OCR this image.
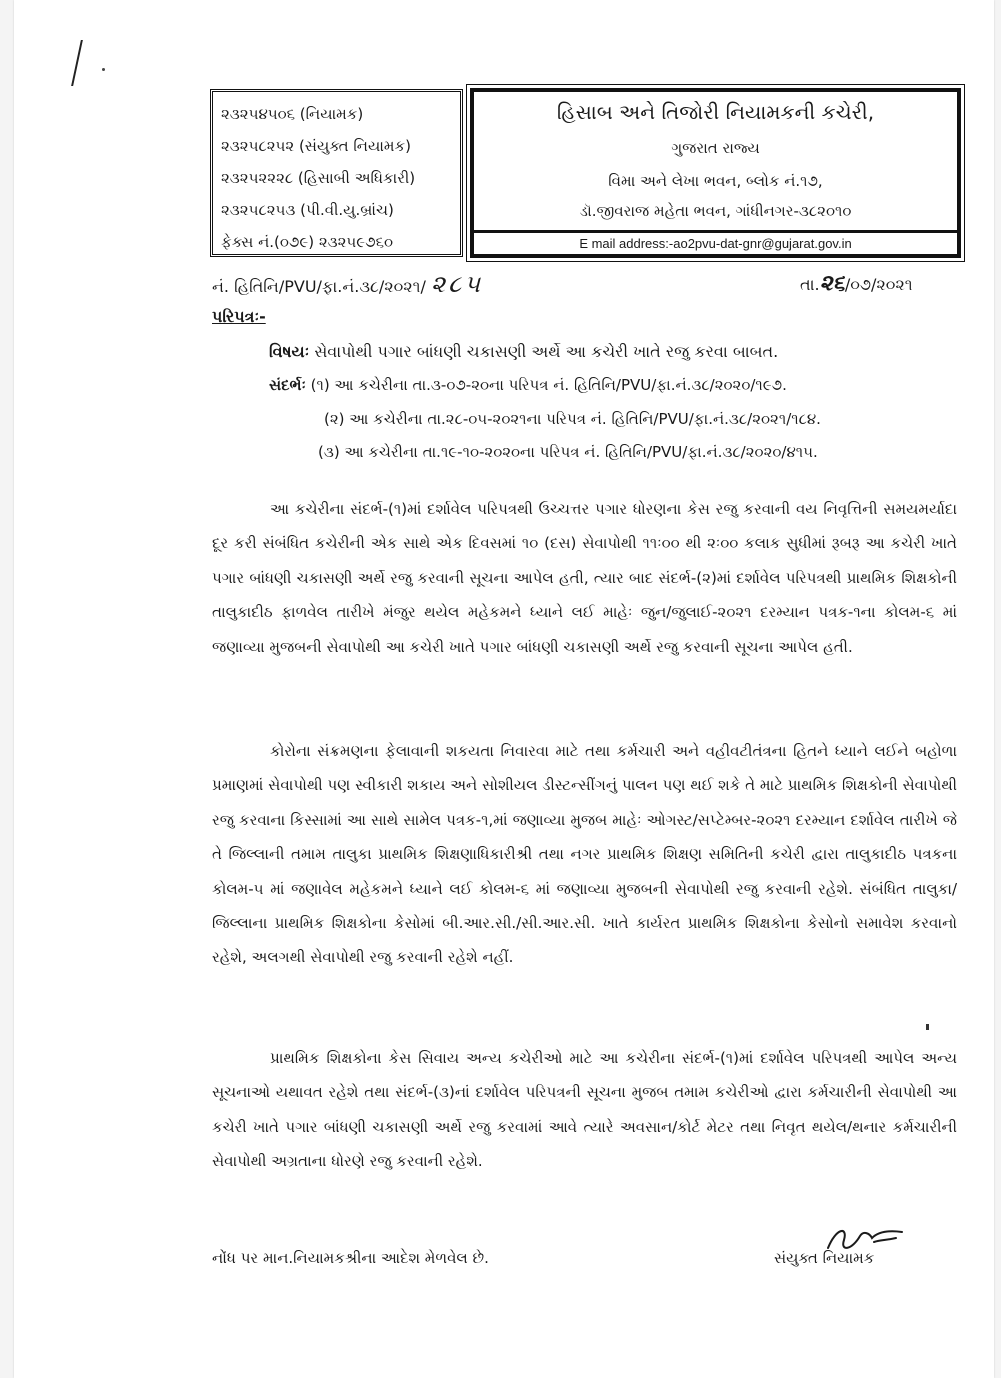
૨૩૨૫૪૫૦૬ (નિયામક)
૨૩૨૫૮૨૫૨ (સંયુક્ત નિયામક)
૨૩૨૫૨૨૨૮ (હિસાબી અધિકારી)
૨૩૨૫૮૨૫૩ (પી.વી.યુ.બ્રાંચ)
ફેક્સ નં.(૦૭૯) ૨૩૨૫૯૭૬૦
હિસાબ અને તિજોરી નિયામકની કચેરી,
ગુજરાત રાજ્ય
વિમા અને લેખા ભવન, બ્લોક નં.૧૭,
ડૉ.જીવરાજ મહેતા ભવન, ગાંધીનગર-૩૮૨૦૧૦
E mail address:-ao2pvu-dat-gnr@gujarat.gov.in
નં. હિતિનિ/PVU/ફા.નં.૩૮/૨૦૨૧/ ૨૮૫	તા.૨૬/૦૭/૨૦૨૧
પરિપત્રઃ-
વિષયઃ સેવાપોથી પગાર બાંધણી ચકાસણી અર્થે આ કચેરી ખાતે રજુ કરવા બાબત.
સંદર્ભઃ (૧) આ કચેરીના તા.૩-૦૭-૨૦ના પરિપત્ર નં. હિતિનિ/PVU/ફા.નં.૩૮/૨૦૨૦/૧૯૭.
(૨) આ કચેરીના તા.૨૮-૦૫-૨૦૨૧ના પરિપત્ર નં. હિતિનિ/PVU/ફા.નં.૩૮/૨૦૨૧/૧૮૪.
(૩) આ કચેરીના તા.૧૯-૧૦-૨૦૨૦ના પરિપત્ર નં. હિતિનિ/PVU/ફા.નં.૩૮/૨૦૨૦/૪૧૫.
આ કચેરીના સંદર્ભ-(૧)માં દર્શાવેલ પરિપત્રથી ઉચ્ચત્તર પગાર ધોરણના કેસ રજુ કરવાની વય નિવૃત્તિની સમયમર્યાદા દૂર કરી સંબંધિત કચેરીની એક સાથે એક દિવસમાં ૧૦ (દસ) સેવાપોથી ૧૧ઃ૦૦ થી ૨ઃ૦૦ કલાક સુધીમાં રૂબરૂ આ કચેરી ખાતે પગાર બાંધણી ચકાસણી અર્થે રજુ કરવાની સૂચના આપેલ હતી, ત્યાર બાદ સંદર્ભ-(૨)માં દર્શાવેલ પરિપત્રથી પ્રાથમિક શિક્ષકોની તાલુકાદીઠ ફાળવેલ તારીખે મંજુર થયેલ મહેકમને ધ્યાને લઈ માહેઃ જુન/જુલાઈ-૨૦૨૧ દરમ્યાન પત્રક-૧ના કોલમ-૬ માં જણાવ્યા મુજબની સેવાપોથી આ કચેરી ખાતે પગાર બાંધણી ચકાસણી અર્થે રજુ કરવાની સૂચના આપેલ હતી.
કોરોના સંક્રમણના ફેલાવાની શકયતા નિવારવા માટે તથા કર્મચારી અને વહીવટીતંત્રના હિતને ધ્યાને લઈને બહોળા પ્રમાણમાં સેવાપોથી પણ સ્વીકારી શકાય અને સોશીયલ ડીસ્ટન્સીંગનું પાલન પણ થઈ શકે તે માટે પ્રાથમિક શિક્ષકોની સેવાપોથી રજુ કરવાના કિસ્સામાં આ સાથે સામેલ પત્રક-૧,માં જણાવ્યા મુજબ માહેઃ ઓગસ્ટ/સપ્ટેમ્બર-૨૦૨૧ દરમ્યાન દર્શાવેલ તારીખે જે તે જિલ્લાની તમામ તાલુકા પ્રાથમિક શિક્ષણાધિકારીશ્રી તથા નગર પ્રાથમિક શિક્ષણ સમિતિની કચેરી દ્વારા તાલુકાદીઠ પત્રકના કોલમ-૫ માં જણાવેલ મહેકમને ધ્યાને લઈ કોલમ-૬ માં જણાવ્યા મુજબની સેવાપોથી રજુ કરવાની રહેશે. સંબંધિત તાલુકા/જિલ્લાના પ્રાથમિક શિક્ષકોના કેસોમાં બી.આર.સી./સી.આર.સી. ખાતે કાર્યરત પ્રાથમિક શિક્ષકોના કેસોનો સમાવેશ કરવાનો રહેશે, અલગથી સેવાપોથી રજુ કરવાની રહેશે નહીં.
પ્રાથમિક શિક્ષકોના કેસ સિવાય અન્ય કચેરીઓ માટે આ કચેરીના સંદર્ભ-(૧)માં દર્શાવેલ પરિપત્રથી આપેલ અન્ય સૂચનાઓ યથાવત રહેશે તથા સંદર્ભ-(૩)નાં દર્શાવેલ પરિપત્રની સૂચના મુજબ તમામ કચેરીઓ દ્વારા કર્મચારીની સેવાપોથી આ કચેરી ખાતે પગાર બાંધણી ચકાસણી અર્થે રજુ કરવામાં આવે ત્યારે અવસાન/કોર્ટ મેટર તથા નિવૃત થયેલ/થનાર કર્મચારીની સેવાપોથી અગ્રતાના ધોરણે રજુ કરવાની રહેશે.
નોંધ પર માન.નિયામકશ્રીના આદેશ મેળવેલ છે.	સંયુક્ત નિયામક
